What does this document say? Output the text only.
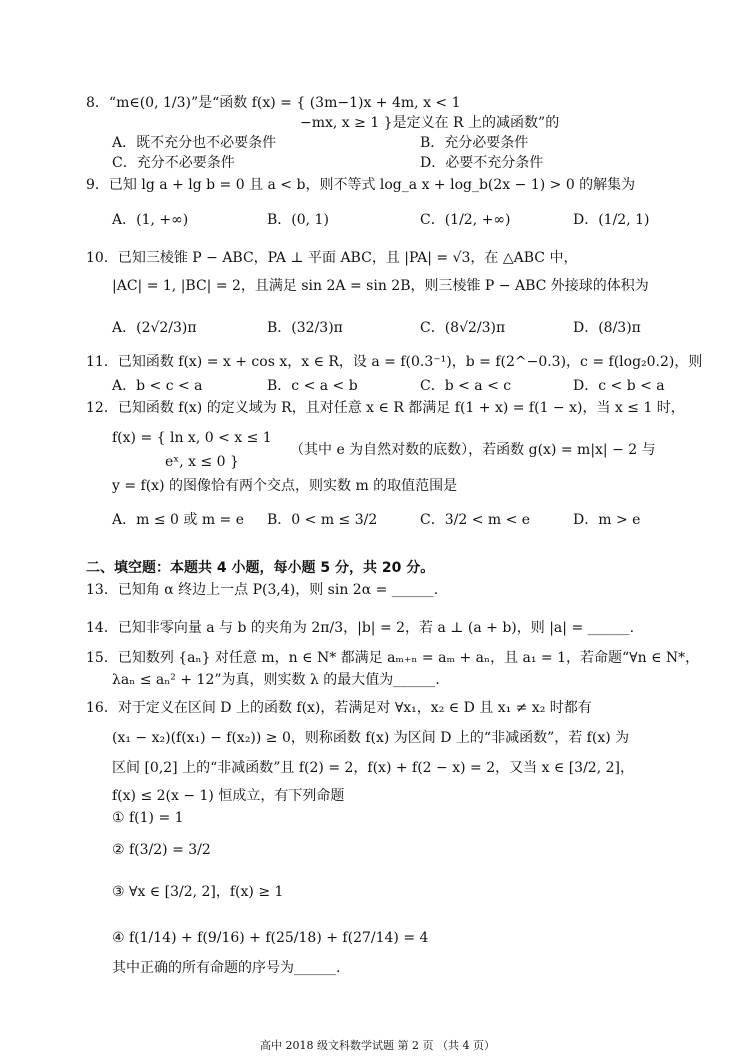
8．“m∈(0, 1/3)”是“函数 f(x) = { (3m−1)x + 4m, x < 1
−mx, x ≥ 1 }是定义在 R 上的减函数”的
A．既不充分也不必要条件	B．充分必要条件
C．充分不必要条件	D．必要不充分条件
9．已知 lg a + lg b = 0 且 a < b，则不等式 log_a x + log_b(2x − 1) > 0 的解集为
A．(1, +∞)	B．(0, 1)	C．(1/2, +∞)	D．(1/2, 1)
10．已知三棱锥 P − ABC，PA ⊥ 平面 ABC，且 |PA| = √3，在 △ABC 中，
|AC| = 1, |BC| = 2，且满足 sin 2A = sin 2B，则三棱锥 P − ABC 外接球的体积为
A．(2√2/3)π	B．(32/3)π	C．(8√2/3)π	D．(8/3)π
11．已知函数 f(x) = x + cos x，x ∈ R，设 a = f(0.3⁻¹)，b = f(2^−0.3)，c = f(log₂0.2)，则
A．b < c < a	B．c < a < b	C．b < a < c	D．c < b < a
12．已知函数 f(x) 的定义域为 R，且对任意 x ∈ R 都满足 f(1 + x) = f(1 − x)，当 x ≤ 1 时，
f(x) = { ln x, 0 < x ≤ 1
（其中 e 为自然对数的底数），若函数 g(x) = m|x| − 2 与
eˣ, x ≤ 0 }
y = f(x) 的图像恰有两个交点，则实数 m 的取值范围是
A．m ≤ 0 或 m = e B．0 < m ≤ 3/2	C．3/2 < m < e	D．m > e
二、填空题：本题共 4 小题，每小题 5 分，共 20 分。
13．已知角 α 终边上一点 P(3,4)，则 sin 2α = ______.
14．已知非零向量 a 与 b 的夹角为 2π/3，|b| = 2，若 a ⊥ (a + b)，则 |a| = ______.
15．已知数列 {aₙ} 对任意 m，n ∈ N* 都满足 aₘ₊ₙ = aₘ + aₙ，且 a₁ = 1，若命题“∀n ∈ N*，
λaₙ ≤ aₙ² + 12”为真，则实数 λ 的最大值为______.
16．对于定义在区间 D 上的函数 f(x)，若满足对 ∀x₁，x₂ ∈ D 且 x₁ ≠ x₂ 时都有
(x₁ − x₂)(f(x₁) − f(x₂)) ≥ 0，则称函数 f(x) 为区间 D 上的“非减函数”，若 f(x) 为
区间 [0,2] 上的“非减函数”且 f(2) = 2，f(x) + f(2 − x) = 2，又当 x ∈ [3/2, 2]，
f(x) ≤ 2(x − 1) 恒成立，有下列命题
① f(1) = 1
② f(3/2) = 3/2
③ ∀x ∈ [3/2, 2]，f(x) ≥ 1
④ f(1/14) + f(9/16) + f(25/18) + f(27/14) = 4
其中正确的所有命题的序号为______.
高中 2018 级文科数学试题 第 2 页 （共 4 页）
